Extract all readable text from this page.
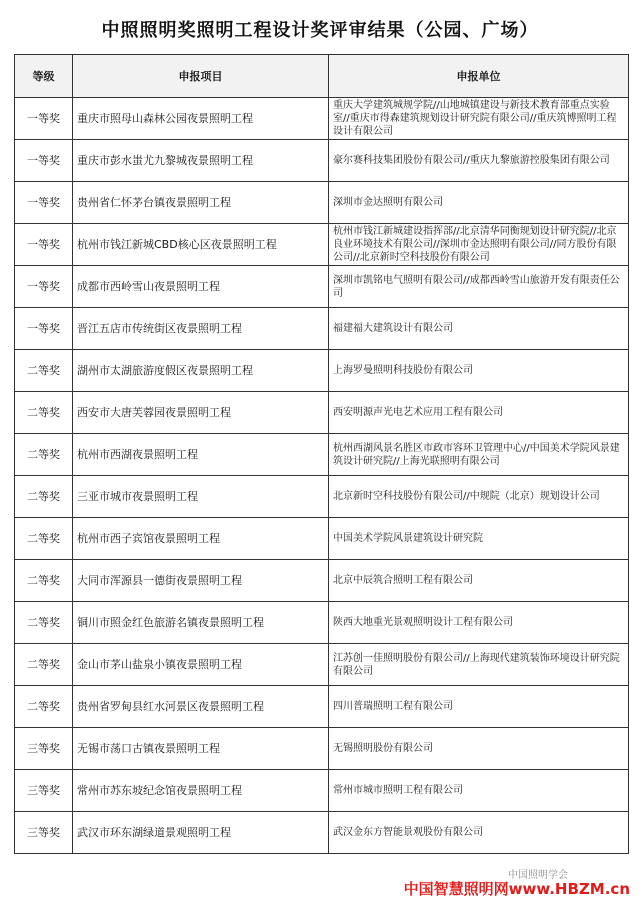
中照照明奖照明工程设计奖评审结果（公园、广场）
等级	申报项目	申报单位
一等奖	重庆市照母山森林公园夜景照明工程	重庆大学建筑城规学院//山地城镇建设与新技术教育部重点实验室//重庆市得森建筑规划设计研究院有限公司//重庆筑博照明工程设计有限公司
一等奖	重庆市彭水蚩尤九黎城夜景照明工程	豪尔赛科技集团股份有限公司//重庆九黎旅游控股集团有限公司
一等奖	贵州省仁怀茅台镇夜景照明工程	深圳市金达照明有限公司
一等奖	杭州市钱江新城CBD核心区夜景照明工程	杭州市钱江新城建设指挥部//北京清华同衡规划设计研究院//北京良业环境技术有限公司//深圳市金达照明有限公司//同方股份有限公司//北京新时空科技股份有限公司
一等奖	成都市西岭雪山夜景照明工程	深圳市凯铭电气照明有限公司//成都西岭雪山旅游开发有限责任公司
一等奖	晋江五店市传统街区夜景照明工程	福建福大建筑设计有限公司
二等奖	湖州市太湖旅游度假区夜景照明工程	上海罗曼照明科技股份有限公司
二等奖	西安市大唐芙蓉园夜景照明工程	西安明源声光电艺术应用工程有限公司
二等奖	杭州市西湖夜景照明工程	杭州西湖风景名胜区市政市容环卫管理中心//中国美术学院风景建筑设计研究院//上海光联照明有限公司
二等奖	三亚市城市夜景照明工程	北京新时空科技股份有限公司//中规院（北京）规划设计公司
二等奖	杭州市西子宾馆夜景照明工程	中国美术学院风景建筑设计研究院
二等奖	大同市浑源县一德街夜景照明工程	北京中辰筑合照明工程有限公司
二等奖	铜川市照金红色旅游名镇夜景照明工程	陕西大地重光景观照明设计工程有限公司
二等奖	金山市茅山盐泉小镇夜景照明工程	江苏创一佳照明股份有限公司//上海现代建筑装饰环境设计研究院有限公司
二等奖	贵州省罗甸县红水河景区夜景照明工程	四川普瑞照明工程有限公司
三等奖	无锡市荡口古镇夜景照明工程	无锡照明股份有限公司
三等奖	常州市苏东坡纪念馆夜景照明工程	常州市城市照明工程有限公司
三等奖	武汉市环东湖绿道景观照明工程	武汉金东方智能景观股份有限公司
中国照明学会
中国智慧照明网www.HBZM.cn
